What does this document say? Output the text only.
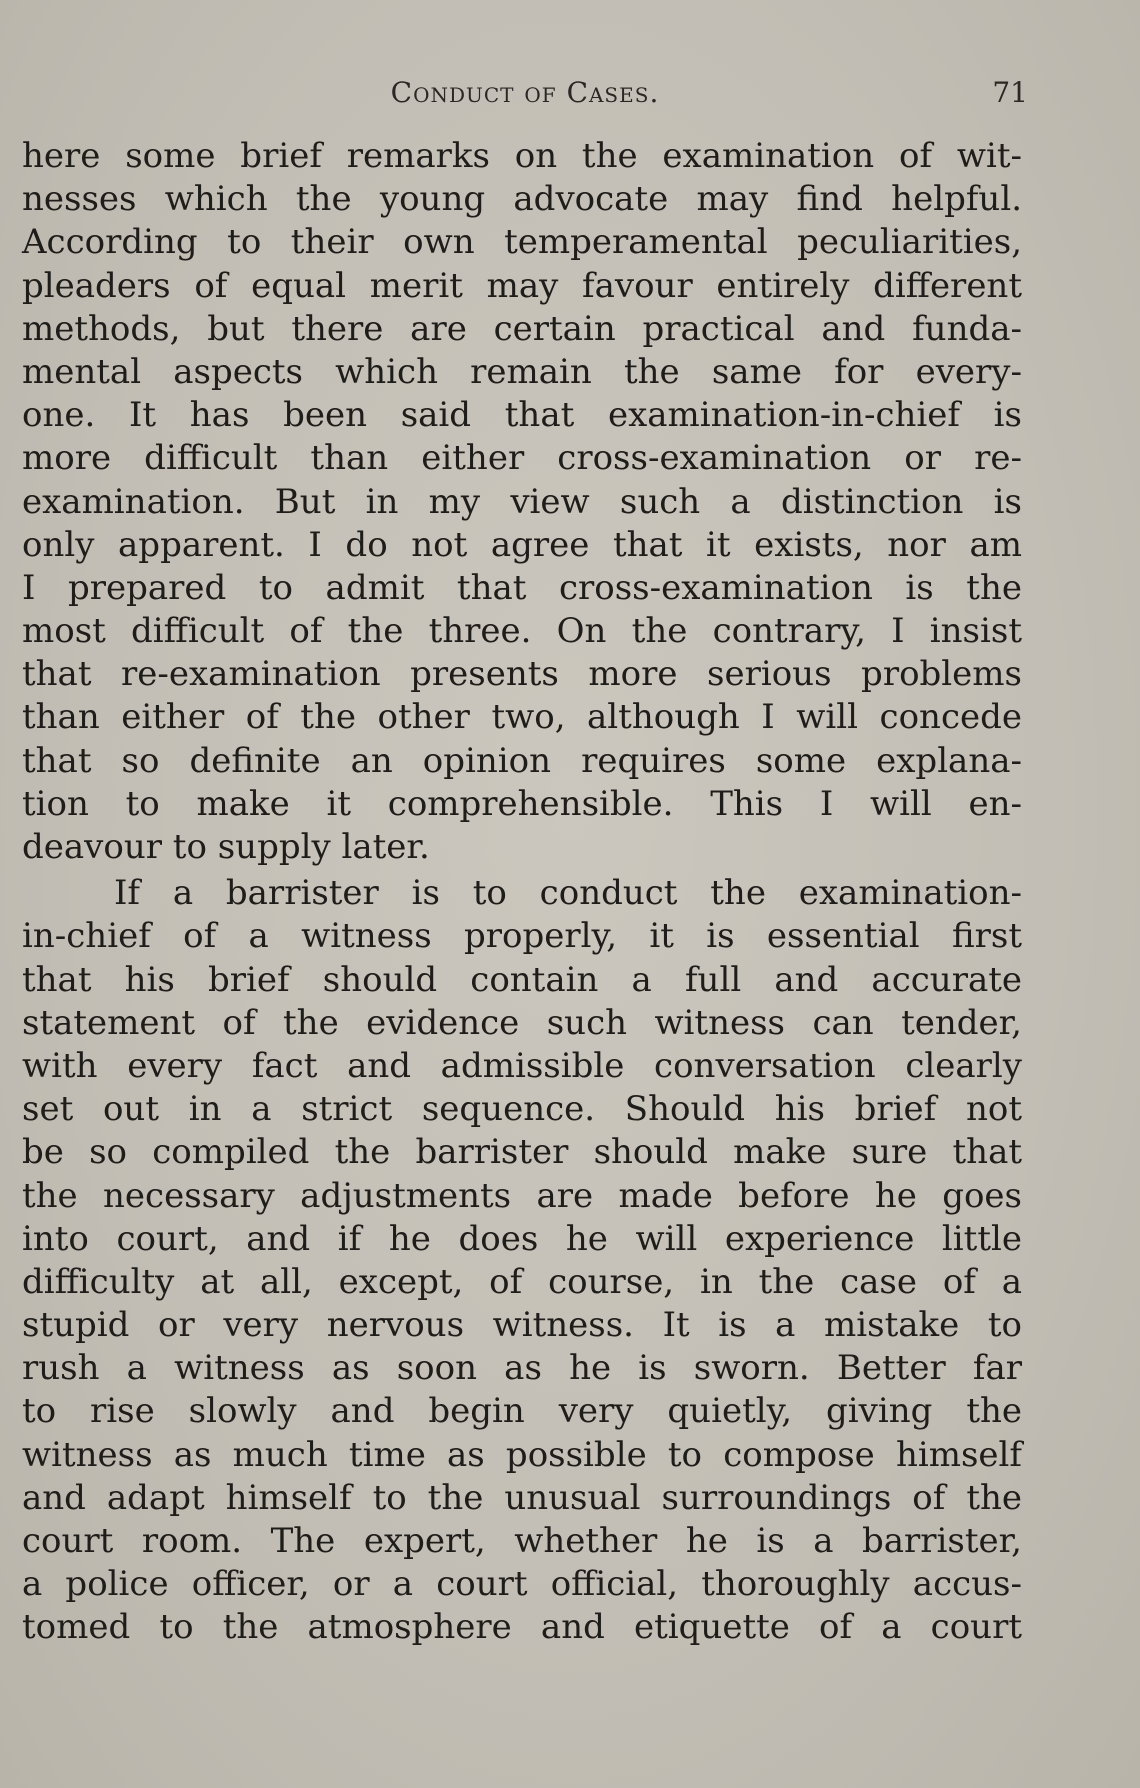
Conduct of Cases.	71
here some brief remarks on the examination of wit-
nesses which the young advocate may find helpful.
According to their own temperamental peculiarities,
pleaders of equal merit may favour entirely different
methods, but there are certain practical and funda-
mental aspects which remain the same for every-
one. It has been said that examination-in-chief is
more difficult than either cross-examination or re-
examination. But in my view such a distinction is
only apparent. I do not agree that it exists, nor am
I prepared to admit that cross-examination is the
most difficult of the three. On the contrary, I insist
that re-examination presents more serious problems
than either of the other two, although I will concede
that so definite an opinion requires some explana-
tion to make it comprehensible. This I will en-
deavour to supply later.
If a barrister is to conduct the examination-
in-chief of a witness properly, it is essential first
that his brief should contain a full and accurate
statement of the evidence such witness can tender,
with every fact and admissible conversation clearly
set out in a strict sequence. Should his brief not
be so compiled the barrister should make sure that
the necessary adjustments are made before he goes
into court, and if he does he will experience little
difficulty at all, except, of course, in the case of a
stupid or very nervous witness. It is a mistake to
rush a witness as soon as he is sworn. Better far
to rise slowly and begin very quietly, giving the
witness as much time as possible to compose himself
and adapt himself to the unusual surroundings of the
court room. The expert, whether he is a barrister,
a police officer, or a court official, thoroughly accus-
tomed to the atmosphere and etiquette of a court
